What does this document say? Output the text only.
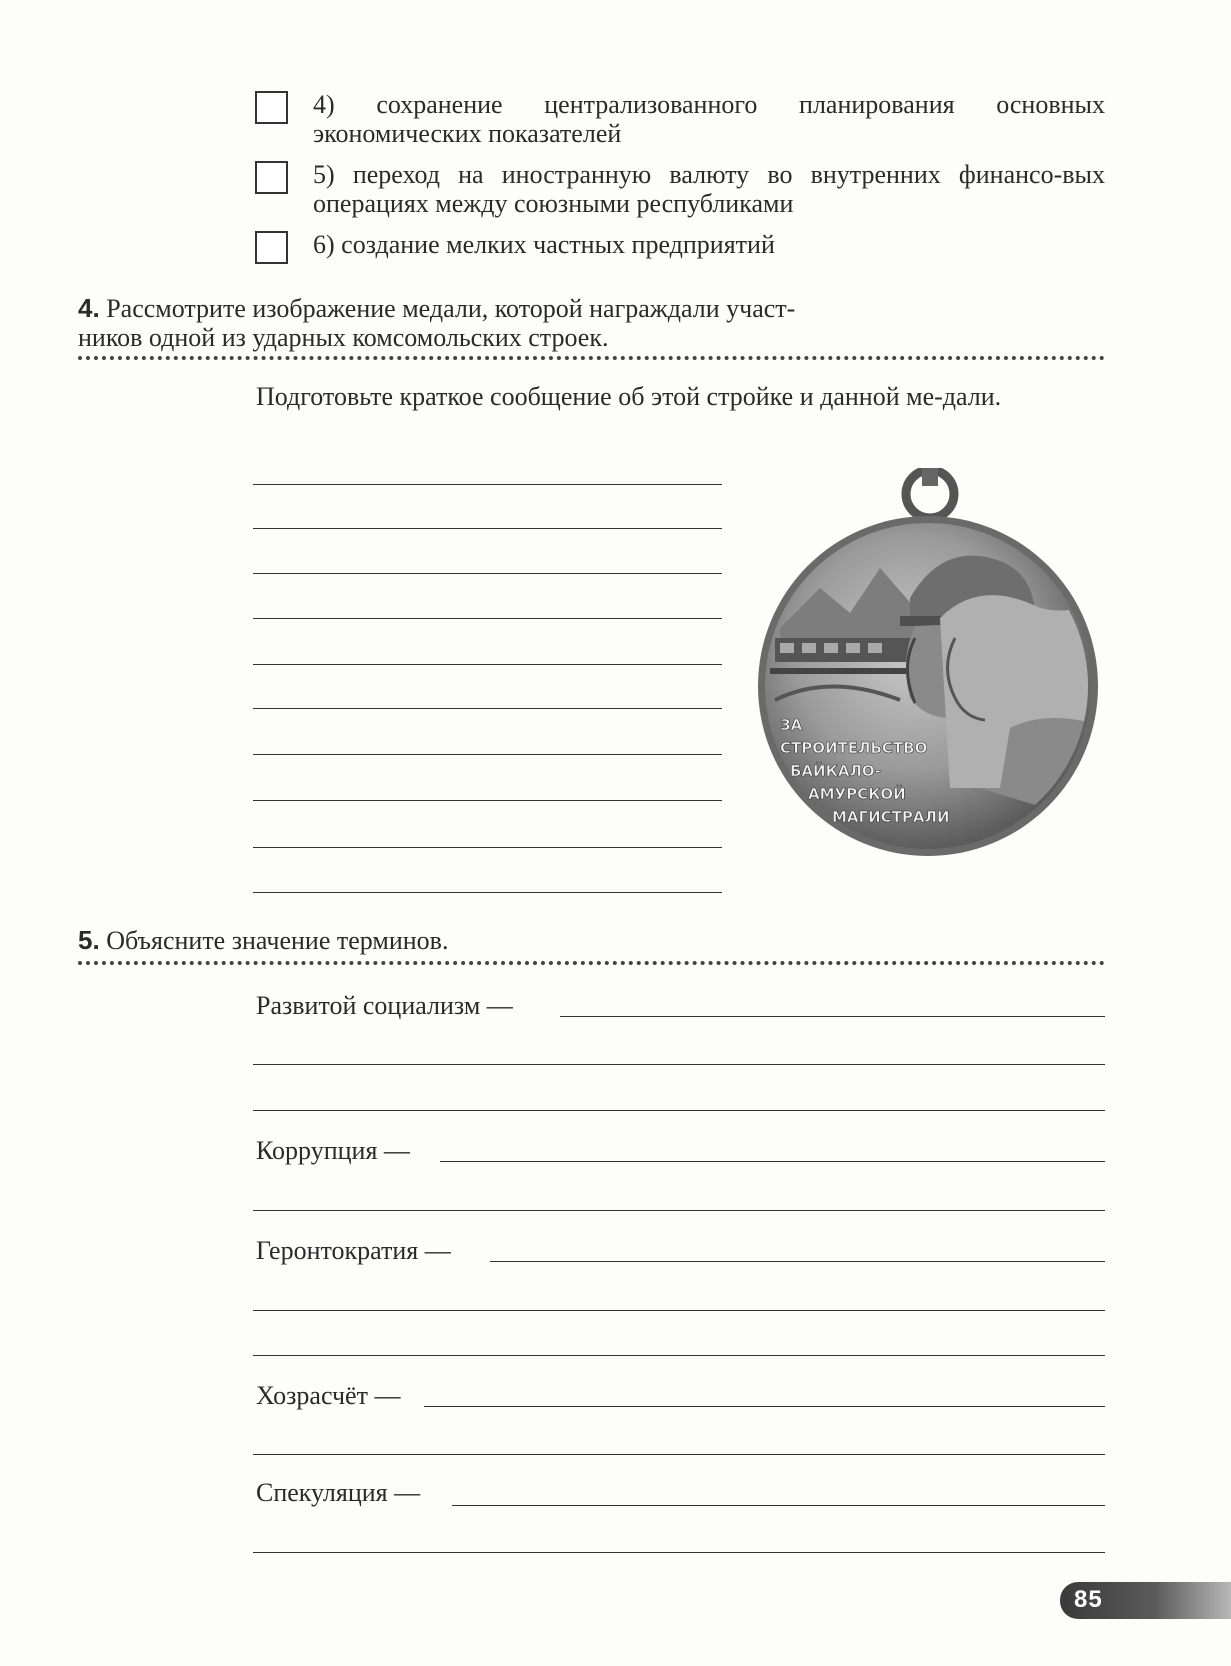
4) сохранение централизованного планирования основных экономических показателей
5) переход на иностранную валюту во внутренних финансо-вых операциях между союзными республиками
6) создание мелких частных предприятий
4. Рассмотрите изображение медали, которой награждали участ-
ников одной из ударных комсомольских строек.
Подготовьте краткое сообщение об этой стройке и данной ме-дали.
ЗА
СТРОИТЕЛЬСТВО
БАЙКАЛО-
АМУРСКОЙ
МАГИСТРАЛИ
5. Объясните значение терминов.
Развитой социализм —
Коррупция —
Геронтократия —
Хозрасчёт —
Спекуляция —
85
